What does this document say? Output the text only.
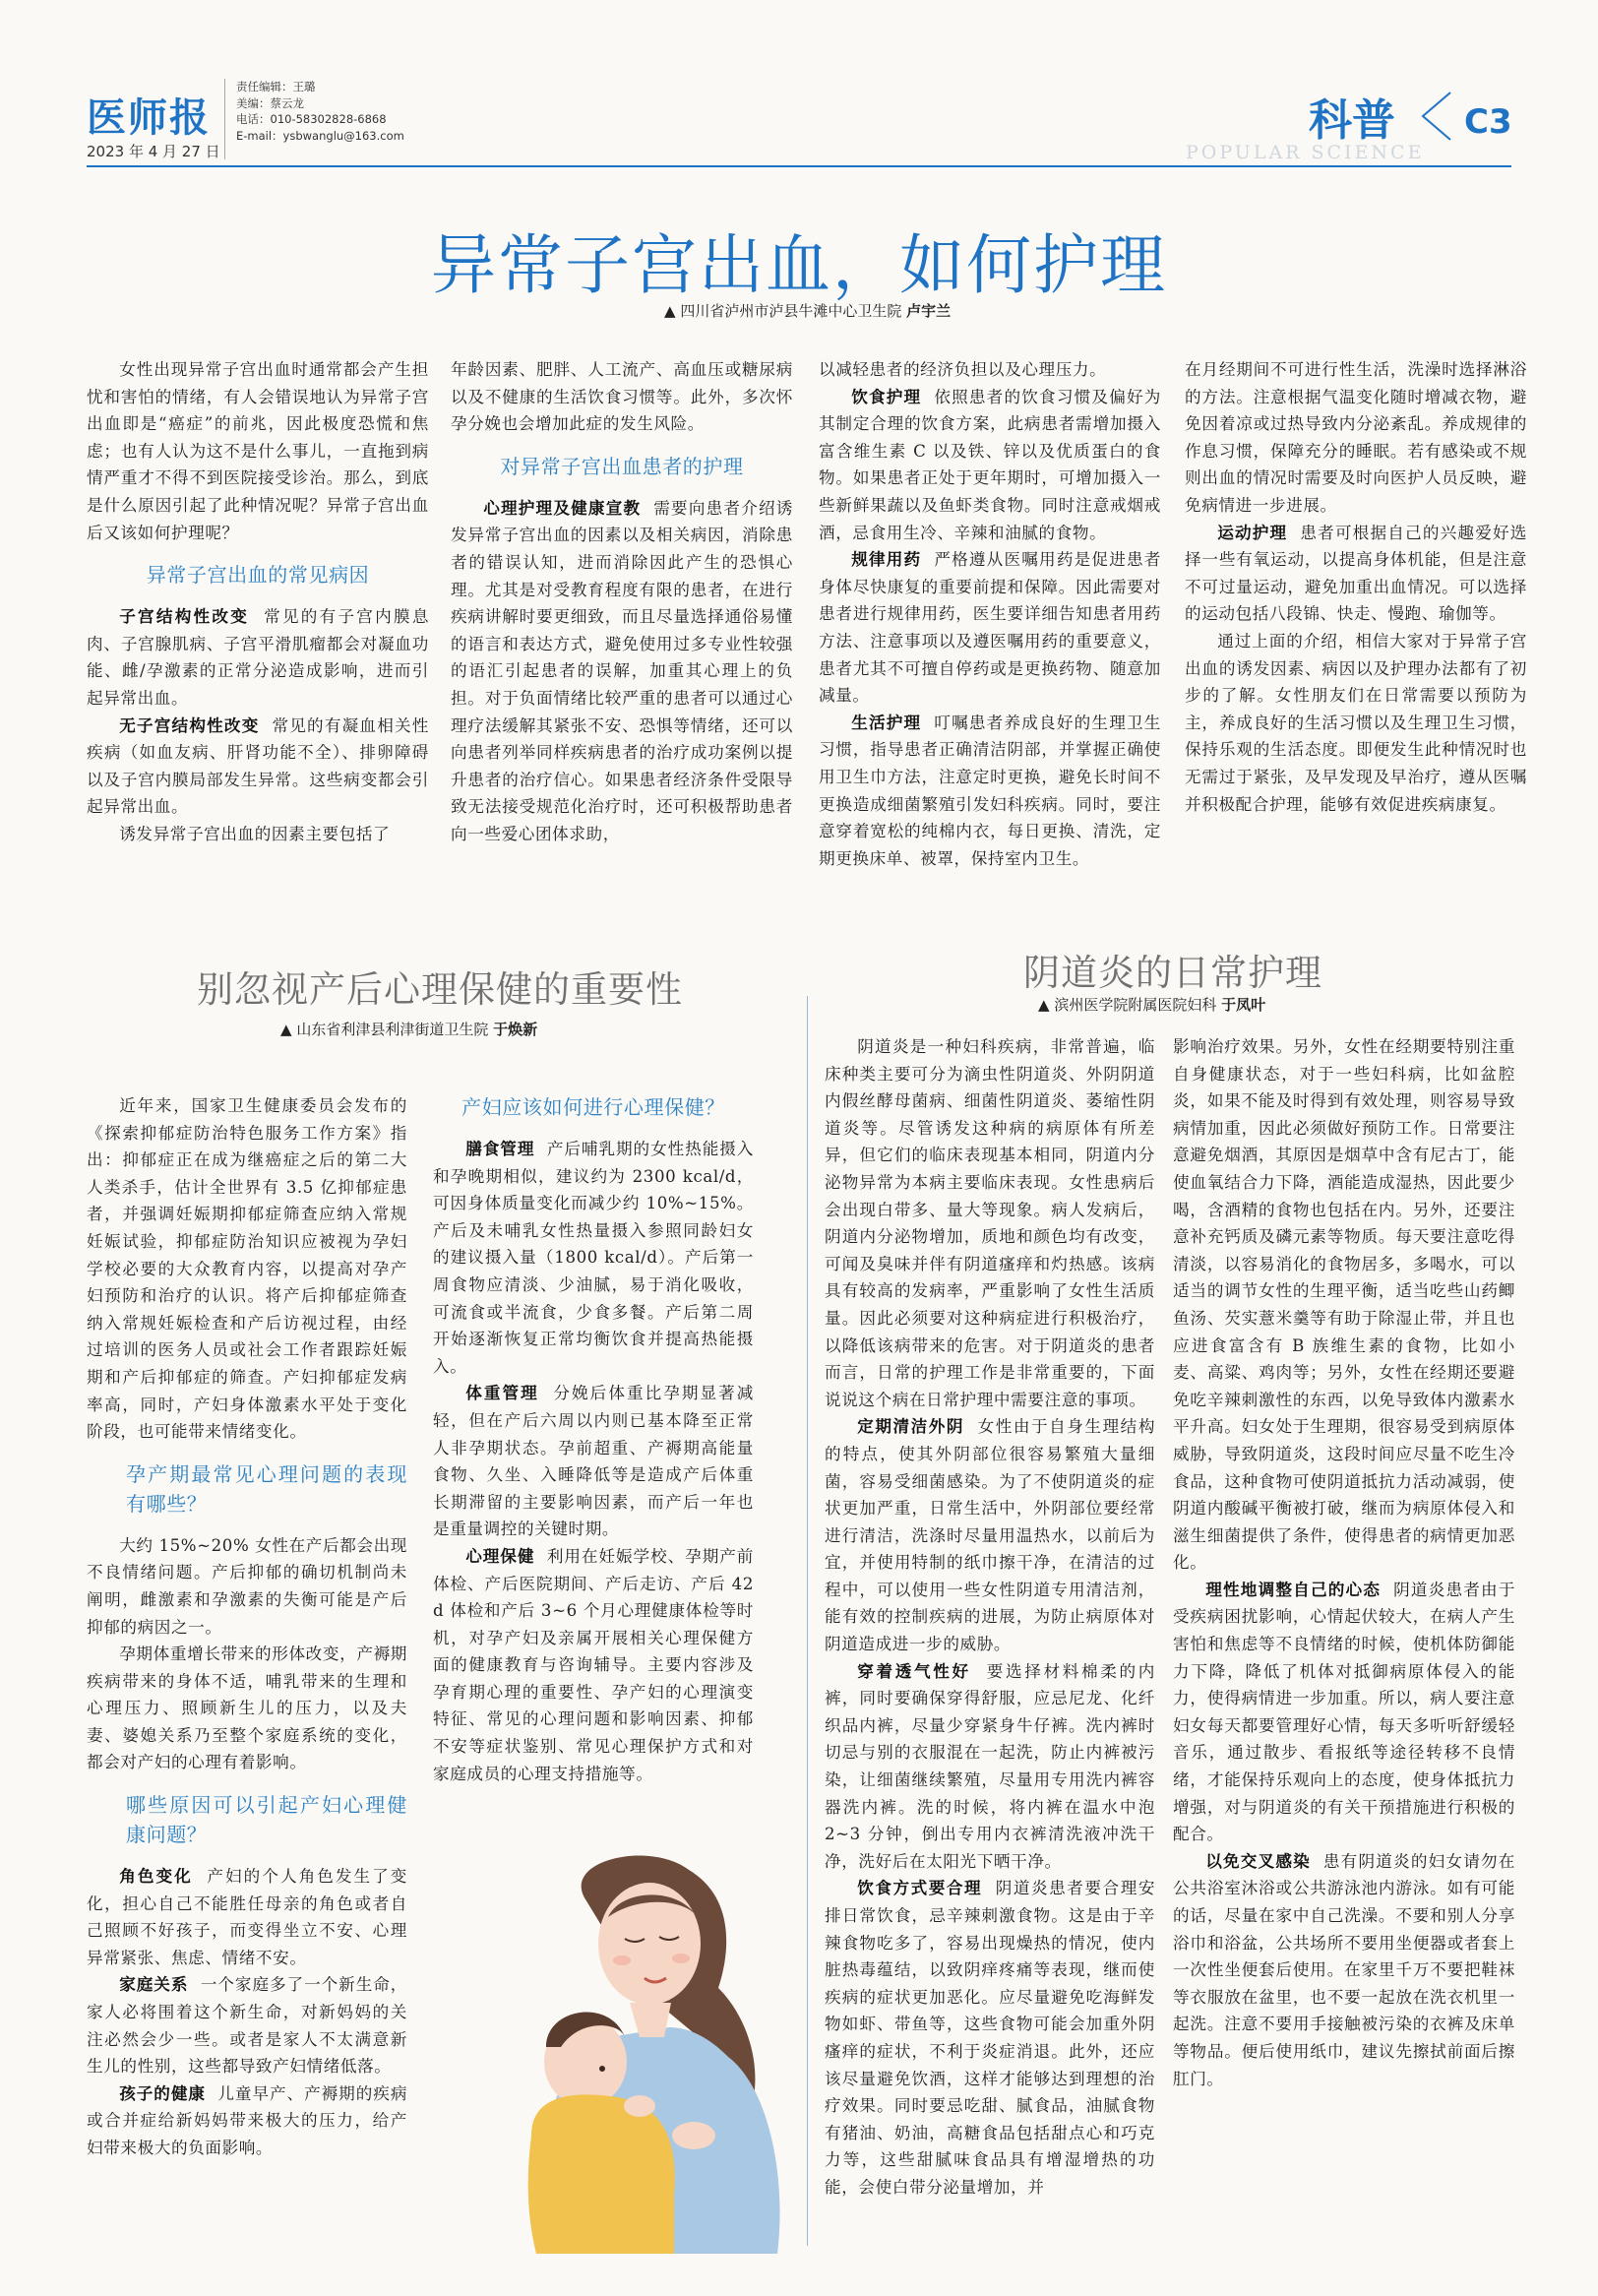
医师报
2023 年 4 月 27 日
责任编辑：王璐
美编：蔡云龙
电话：010-58302828-6868
E-mail：ysbwanglu@163.com	科普 C3
POPULAR SCIENCE
异常子宫出血，如何护理
▲ 四川省泸州市泸县牛滩中心卫生院 卢宇兰

女性出现异常子宫出血时通常都会产生担忧和害怕的情绪，有人会错误地认为异常子宫出血即是“癌症”的前兆，因此极度恐慌和焦虑；也有人认为这不是什么事儿，一直拖到病情严重才不得不到医院接受诊治。那么，到底是什么原因引起了此种情况呢？异常子宫出血后又该如何护理呢？

异常子宫出血的常见病因

子宫结构性改变 常见的有子宫内膜息肉、子宫腺肌病、子宫平滑肌瘤都会对凝血功能、雌/孕激素的正常分泌造成影响，进而引起异常出血。

无子宫结构性改变 常见的有凝血相关性疾病（如血友病、肝肾功能不全）、排卵障碍以及子宫内膜局部发生异常。这些病变都会引起异常出血。

诱发异常子宫出血的因素主要包括了

年龄因素、肥胖、人工流产、高血压或糖尿病以及不健康的生活饮食习惯等。此外，多次怀孕分娩也会增加此症的发生风险。

对异常子宫出血患者的护理

心理护理及健康宣教 需要向患者介绍诱发异常子宫出血的因素以及相关病因，消除患者的错误认知，进而消除因此产生的恐惧心理。尤其是对受教育程度有限的患者，在进行疾病讲解时要更细致，而且尽量选择通俗易懂的语言和表达方式，避免使用过多专业性较强的语汇引起患者的误解，加重其心理上的负担。对于负面情绪比较严重的患者可以通过心理疗法缓解其紧张不安、恐惧等情绪，还可以向患者列举同样疾病患者的治疗成功案例以提升患者的治疗信心。如果患者经济条件受限导致无法接受规范化治疗时，还可积极帮助患者向一些爱心团体求助，

以减轻患者的经济负担以及心理压力。

饮食护理 依照患者的饮食习惯及偏好为其制定合理的饮食方案，此病患者需增加摄入富含维生素 C 以及铁、锌以及优质蛋白的食物。如果患者正处于更年期时，可增加摄入一些新鲜果蔬以及鱼虾类食物。同时注意戒烟戒酒，忌食用生冷、辛辣和油腻的食物。

规律用药 严格遵从医嘱用药是促进患者身体尽快康复的重要前提和保障。因此需要对患者进行规律用药，医生要详细告知患者用药方法、注意事项以及遵医嘱用药的重要意义，患者尤其不可擅自停药或是更换药物、随意加减量。

生活护理 叮嘱患者养成良好的生理卫生习惯，指导患者正确清洁阴部，并掌握正确使用卫生巾方法，注意定时更换，避免长时间不更换造成细菌繁殖引发妇科疾病。同时，要注意穿着宽松的纯棉内衣，每日更换、清洗，定期更换床单、被罩，保持室内卫生。

在月经期间不可进行性生活，洗澡时选择淋浴的方法。注意根据气温变化随时增减衣物，避免因着凉或过热导致内分泌紊乱。养成规律的作息习惯，保障充分的睡眠。若有感染或不规则出血的情况时需要及时向医护人员反映，避免病情进一步进展。

运动护理 患者可根据自己的兴趣爱好选择一些有氧运动，以提高身体机能，但是注意不可过量运动，避免加重出血情况。可以选择的运动包括八段锦、快走、慢跑、瑜伽等。

通过上面的介绍，相信大家对于异常子宫出血的诱发因素、病因以及护理办法都有了初步的了解。女性朋友们在日常需要以预防为主，养成良好的生活习惯以及生理卫生习惯，保持乐观的生活态度。即便发生此种情况时也无需过于紧张，及早发现及早治疗，遵从医嘱并积极配合护理，能够有效促进疾病康复。

别忽视产后心理保健的重要性
▲ 山东省利津县利津街道卫生院 于焕新

近年来，国家卫生健康委员会发布的《探索抑郁症防治特色服务工作方案》指出：抑郁症正在成为继癌症之后的第二大人类杀手，估计全世界有 3.5 亿抑郁症患者，并强调妊娠期抑郁症筛查应纳入常规妊娠试验，抑郁症防治知识应被视为孕妇学校必要的大众教育内容，以提高对孕产妇预防和治疗的认识。将产后抑郁症筛查纳入常规妊娠检查和产后访视过程，由经过培训的医务人员或社会工作者跟踪妊娠期和产后抑郁症的筛查。产妇抑郁症发病率高，同时，产妇身体激素水平处于变化阶段，也可能带来情绪变化。

孕产期最常见心理问题的表现有哪些？

大约 15%~20% 女性在产后都会出现不良情绪问题。产后抑郁的确切机制尚未阐明，雌激素和孕激素的失衡可能是产后抑郁的病因之一。

孕期体重增长带来的形体改变，产褥期疾病带来的身体不适，哺乳带来的生理和心理压力、照顾新生儿的压力，以及夫妻、婆媳关系乃至整个家庭系统的变化，都会对产妇的心理有着影响。

哪些原因可以引起产妇心理健康问题？

角色变化 产妇的个人角色发生了变化，担心自己不能胜任母亲的角色或者自己照顾不好孩子，而变得坐立不安、心理异常紧张、焦虑、情绪不安。

家庭关系 一个家庭多了一个新生命，家人必将围着这个新生命，对新妈妈的关注必然会少一些。或者是家人不太满意新生儿的性别，这些都导致产妇情绪低落。

孩子的健康 儿童早产、产褥期的疾病或合并症给新妈妈带来极大的压力，给产妇带来极大的负面影响。

产妇应该如何进行心理保健？

膳食管理 产后哺乳期的女性热能摄入和孕晚期相似，建议约为 2300 kcal/d，可因身体质量变化而减少约 10%~15%。产后及未哺乳女性热量摄入参照同龄妇女的建议摄入量（1800 kcal/d）。产后第一周食物应清淡、少油腻，易于消化吸收，可流食或半流食，少食多餐。产后第二周开始逐渐恢复正常均衡饮食并提高热能摄入。

体重管理 分娩后体重比孕期显著减轻，但在产后六周以内则已基本降至正常人非孕期状态。孕前超重、产褥期高能量食物、久坐、入睡降低等是造成产后体重长期滞留的主要影响因素，而产后一年也是重量调控的关键时期。

心理保健 利用在妊娠学校、孕期产前体检、产后医院期间、产后走访、产后 42 d 体检和产后 3~6 个月心理健康体检等时机，对孕产妇及亲属开展相关心理保健方面的健康教育与咨询辅导。主要内容涉及孕育期心理的重要性、孕产妇的心理演变特征、常见的心理问题和影响因素、抑郁不安等症状鉴别、常见心理保护方式和对家庭成员的心理支持措施等。

阴道炎的日常护理
▲ 滨州医学院附属医院妇科 于凤叶

阴道炎是一种妇科疾病，非常普遍，临床种类主要可分为滴虫性阴道炎、外阴阴道内假丝酵母菌病、细菌性阴道炎、萎缩性阴道炎等。尽管诱发这种病的病原体有所差异，但它们的临床表现基本相同，阴道内分泌物异常为本病主要临床表现。女性患病后会出现白带多、量大等现象。病人发病后，阴道内分泌物增加，质地和颜色均有改变，可闻及臭味并伴有阴道瘙痒和灼热感。该病具有较高的发病率，严重影响了女性生活质量。因此必须要对这种病症进行积极治疗，以降低该病带来的危害。对于阴道炎的患者而言，日常的护理工作是非常重要的，下面说说这个病在日常护理中需要注意的事项。

定期清洁外阴 女性由于自身生理结构的特点，使其外阴部位很容易繁殖大量细菌，容易受细菌感染。为了不使阴道炎的症状更加严重，日常生活中，外阴部位要经常进行清洁，洗涤时尽量用温热水，以前后为宜，并使用特制的纸巾擦干净，在清洁的过程中，可以使用一些女性阴道专用清洁剂，能有效的控制疾病的进展，为防止病原体对阴道造成进一步的威胁。

穿着透气性好 要选择材料棉柔的内裤，同时要确保穿得舒服，应忌尼龙、化纤织品内裤，尽量少穿紧身牛仔裤。洗内裤时切忌与别的衣服混在一起洗，防止内裤被污染，让细菌继续繁殖，尽量用专用洗内裤容器洗内裤。洗的时候，将内裤在温水中泡 2~3 分钟，倒出专用内衣裤清洗液冲洗干净，洗好后在太阳光下晒干净。

饮食方式要合理 阴道炎患者要合理安排日常饮食，忌辛辣刺激食物。这是由于辛辣食物吃多了，容易出现燥热的情况，使内脏热毒蕴结，以致阴痒疼痛等表现，继而使疾病的症状更加恶化。应尽量避免吃海鲜发物如虾、带鱼等，这些食物可能会加重外阴瘙痒的症状，不利于炎症消退。此外，还应该尽量避免饮酒，这样才能够达到理想的治疗效果。同时要忌吃甜、腻食品，油腻食物有猪油、奶油，高糖食品包括甜点心和巧克力等，这些甜腻味食品具有增湿增热的功能，会使白带分泌量增加，并

影响治疗效果。另外，女性在经期要特别注重自身健康状态，对于一些妇科病，比如盆腔炎，如果不能及时得到有效处理，则容易导致病情加重，因此必须做好预防工作。日常要注意避免烟酒，其原因是烟草中含有尼古丁，能使血氧结合力下降，酒能造成湿热，因此要少喝，含酒精的食物也包括在内。另外，还要注意补充钙质及磷元素等物质。每天要注意吃得清淡，以容易消化的食物居多，多喝水，可以适当的调节女性的生理平衡，适当吃些山药鲫鱼汤、芡实薏米羹等有助于除湿止带，并且也应进食富含有 B 族维生素的食物，比如小麦、高粱、鸡肉等；另外，女性在经期还要避免吃辛辣刺激性的东西，以免导致体内激素水平升高。妇女处于生理期，很容易受到病原体威胁，导致阴道炎，这段时间应尽量不吃生冷食品，这种食物可使阴道抵抗力活动减弱，使阴道内酸碱平衡被打破，继而为病原体侵入和滋生细菌提供了条件，使得患者的病情更加恶化。

理性地调整自己的心态 阴道炎患者由于受疾病困扰影响，心情起伏较大，在病人产生害怕和焦虑等不良情绪的时候，使机体防御能力下降，降低了机体对抵御病原体侵入的能力，使得病情进一步加重。所以，病人要注意妇女每天都要管理好心情，每天多听听舒缓轻音乐，通过散步、看报纸等途径转移不良情绪，才能保持乐观向上的态度，使身体抵抗力增强，对与阴道炎的有关干预措施进行积极的配合。

以免交叉感染 患有阴道炎的妇女请勿在公共浴室沐浴或公共游泳池内游泳。如有可能的话，尽量在家中自己洗澡。不要和别人分享浴巾和浴盆，公共场所不要用坐便器或者套上一次性坐便套后使用。在家里千万不要把鞋袜等衣服放在盆里，也不要一起放在洗衣机里一起洗。注意不要用手接触被污染的衣裤及床单等物品。便后使用纸巾，建议先擦拭前面后擦肛门。
